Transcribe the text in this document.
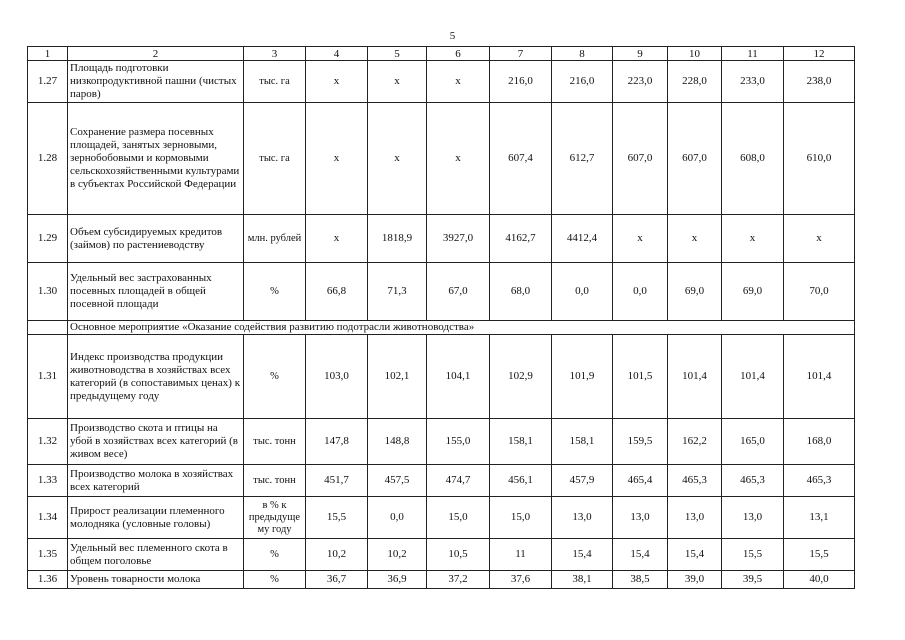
5
1	2	3	4	5	6	7	8	9	10	11	12
1.27	Площадь подготовки низкопродуктивной пашни (чистых паров)	тыс. га	х	х	х	216,0	216,0	223,0	228,0	233,0	238,0
1.28	Сохранение размера посевных площадей, занятых зерновыми, зернобобовыми и кормовыми сельскохозяйственными культурами в субъектах Российской Федерации	тыс. га	х	х	х	607,4	612,7	607,0	607,0	608,0	610,0
1.29	Объем субсидируемых кредитов (займов) по растениеводству	млн. рублей	х	1818,9	3927,0	4162,7	4412,4	х	х	х	х
1.30	Удельный вес застрахованных посевных площадей в общей посевной площади	%	66,8	71,3	67,0	68,0	0,0	0,0	69,0	69,0	70,0
	Основное мероприятие «Оказание содействия развитию подотрасли животноводства»										
1.31	Индекс производства продукции животноводства в хозяйствах всех категорий (в сопоставимых ценах) к предыдущему году	%	103,0	102,1	104,1	102,9	101,9	101,5	101,4	101,4	101,4
1.32	Производство скота и птицы на убой в хозяйствах всех категорий (в живом весе)	тыс. тонн	147,8	148,8	155,0	158,1	158,1	159,5	162,2	165,0	168,0
1.33	Производство молока в хозяйствах всех категорий	тыс. тонн	451,7	457,5	474,7	456,1	457,9	465,4	465,3	465,3	465,3
1.34	Прирост реализации племенного молодняка (условные головы)	в % к предыдуще му году	15,5	0,0	15,0	15,0	13,0	13,0	13,0	13,0	13,1
1.35	Удельный вес племенного скота в общем поголовье	%	10,2	10,2	10,5	11	15,4	15,4	15,4	15,5	15,5
1.36	Уровень товарности молока	%	36,7	36,9	37,2	37,6	38,1	38,5	39,0	39,5	40,0
